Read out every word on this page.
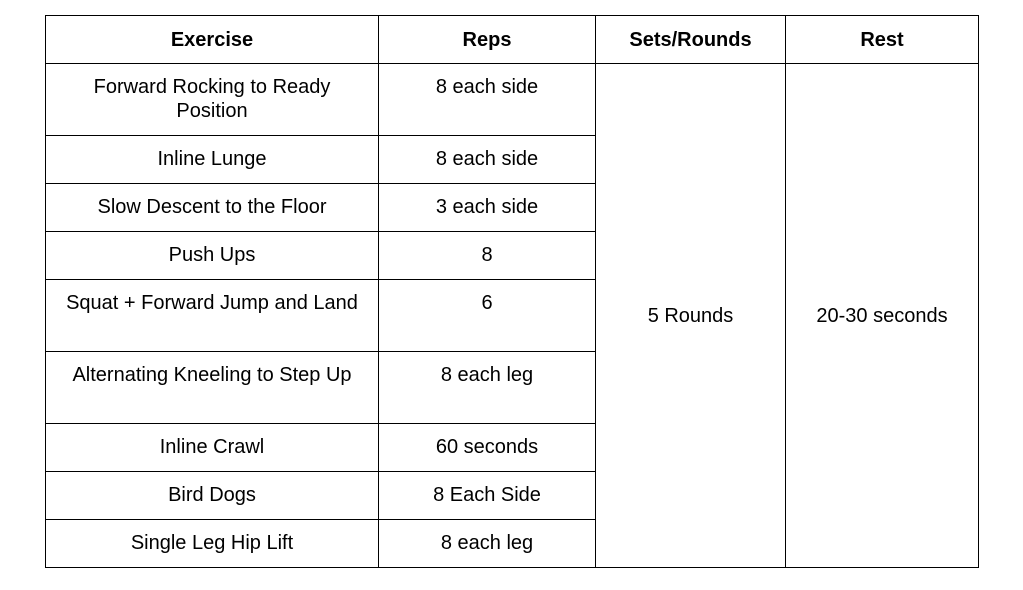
Exercise	Reps	Sets/Rounds	Rest
Forward Rocking to Ready Position	8 each side	5 Rounds	20-30 seconds
Inline Lunge	8 each side		
Slow Descent to the Floor	3 each side		
Push Ups	8		
Squat + Forward Jump and Land	6		
Alternating Kneeling to Step Up	8 each leg		
Inline Crawl	60 seconds		
Bird Dogs	8 Each Side		
Single Leg Hip Lift	8 each leg		
